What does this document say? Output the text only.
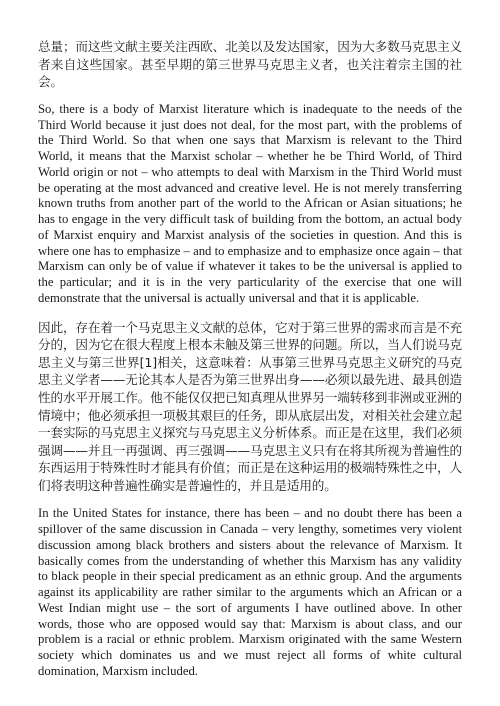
总量；而这些文献主要关注西欧、北美以及发达国家，因为大多数马克思主义者来自这些国家。甚至早期的第三世界马克思主义者，也关注着宗主国的社会。

So, there is a body of Marxist literature which is inadequate to the needs of the Third World because it just does not deal, for the most part, with the problems of the Third World. So that when one says that Marxism is relevant to the Third World, it means that the Marxist scholar – whether he be Third World, of Third World origin or not – who attempts to deal with Marxism in the Third World must be operating at the most advanced and creative level. He is not merely transferring known truths from another part of the world to the African or Asian situations; he has to engage in the very difficult task of building from the bottom, an actual body of Marxist enquiry and Marxist analysis of the societies in question. And this is where one has to emphasize – and to emphasize and to emphasize once again – that Marxism can only be of value if whatever it takes to be the universal is applied to the particular; and it is in the very particularity of the exercise that one will demonstrate that the universal is actually universal and that it is applicable.

因此，存在着一个马克思主义文献的总体，它对于第三世界的需求而言是不充分的，因为它在很大程度上根本未触及第三世界的问题。所以，当人们说马克思主义与第三世界[1]相关，这意味着：从事第三世界马克思主义研究的马克思主义学者——无论其本人是否为第三世界出身——必须以最先进、最具创造性的水平开展工作。他不能仅仅把已知真理从世界另一端转移到非洲或亚洲的情境中；他必须承担一项极其艰巨的任务，即从底层出发，对相关社会建立起一套实际的马克思主义探究与马克思主义分析体系。而正是在这里，我们必须强调——并且一再强调、再三强调——马克思主义只有在将其所视为普遍性的东西运用于特殊性时才能具有价值；而正是在这种运用的极端特殊性之中，人们将表明这种普遍性确实是普遍性的，并且是适用的。

In the United States for instance, there has been – and no doubt there has been a spillover of the same discussion in Canada – very lengthy, sometimes very violent discussion among black brothers and sisters about the relevance of Marxism. It basically comes from the understanding of whether this Marxism has any validity to black people in their special predicament as an ethnic group. And the arguments against its applicability are rather similar to the arguments which an African or a West Indian might use – the sort of arguments I have outlined above. In other words, those who are opposed would say that: Marxism is about class, and our problem is a racial or ethnic problem. Marxism originated with the same Western society which dominates us and we must reject all forms of white cultural domination, Marxism included.
